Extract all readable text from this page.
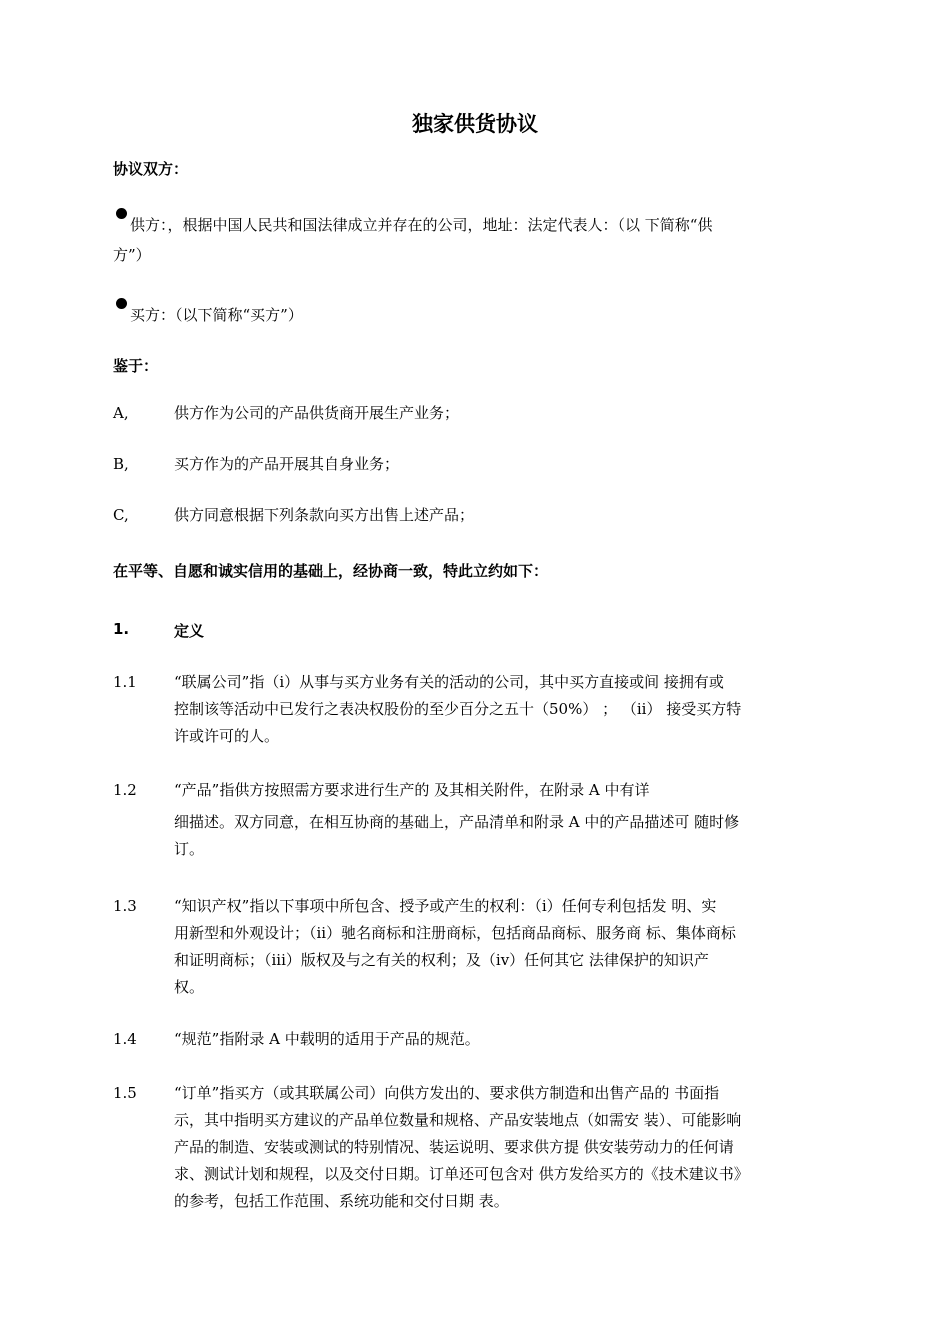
独家供货协议
协议双方：
供方：，根据中国人民共和国法律成立并存在的公司，地址：法定代表人：（以 下简称“供
方”）
买方：（以下简称“买方”）
鉴于：
A,	供方作为公司的产品供货商开展生产业务；
B,	买方作为的产品开展其自身业务；
C,	供方同意根据下列条款向买方出售上述产品；
在平等、自愿和诚实信用的基础上，经协商一致，特此立约如下：
1.	定义
1.1 “联属公司”指（i）从事与买方业务有关的活动的公司，其中买方直接或间 接拥有或
控制该等活动中已发行之表决权股份的至少百分之五十（50%） ； （ii） 接受买方特
许或许可的人。
1.2 “产品”指供方按照需方要求进行生产的 及其相关附件，在附录 A 中有详
细描述。双方同意，在相互协商的基础上，产品清单和附录 A 中的产品描述可 随时修
订。
1.3 “知识产权”指以下事项中所包含、授予或产生的权利：（i）任何专利包括发 明、实
用新型和外观设计；（ii）驰名商标和注册商标，包括商品商标、服务商 标、集体商标
和证明商标；（iii）版权及与之有关的权利；及（iv）任何其它 法律保护的知识产
权。
1.4 “规范”指附录 A 中载明的适用于产品的规范。
1.5 “订单”指买方（或其联属公司）向供方发出的、要求供方制造和出售产品的 书面指
示，其中指明买方建议的产品单位数量和规格、产品安装地点（如需安 装）、可能影响
产品的制造、安装或测试的特别情况、装运说明、要求供方提 供安装劳动力的任何请
求、测试计划和规程，以及交付日期。订单还可包含对 供方发给买方的《技术建议书》
的参考，包括工作范围、系统功能和交付日期 表。
